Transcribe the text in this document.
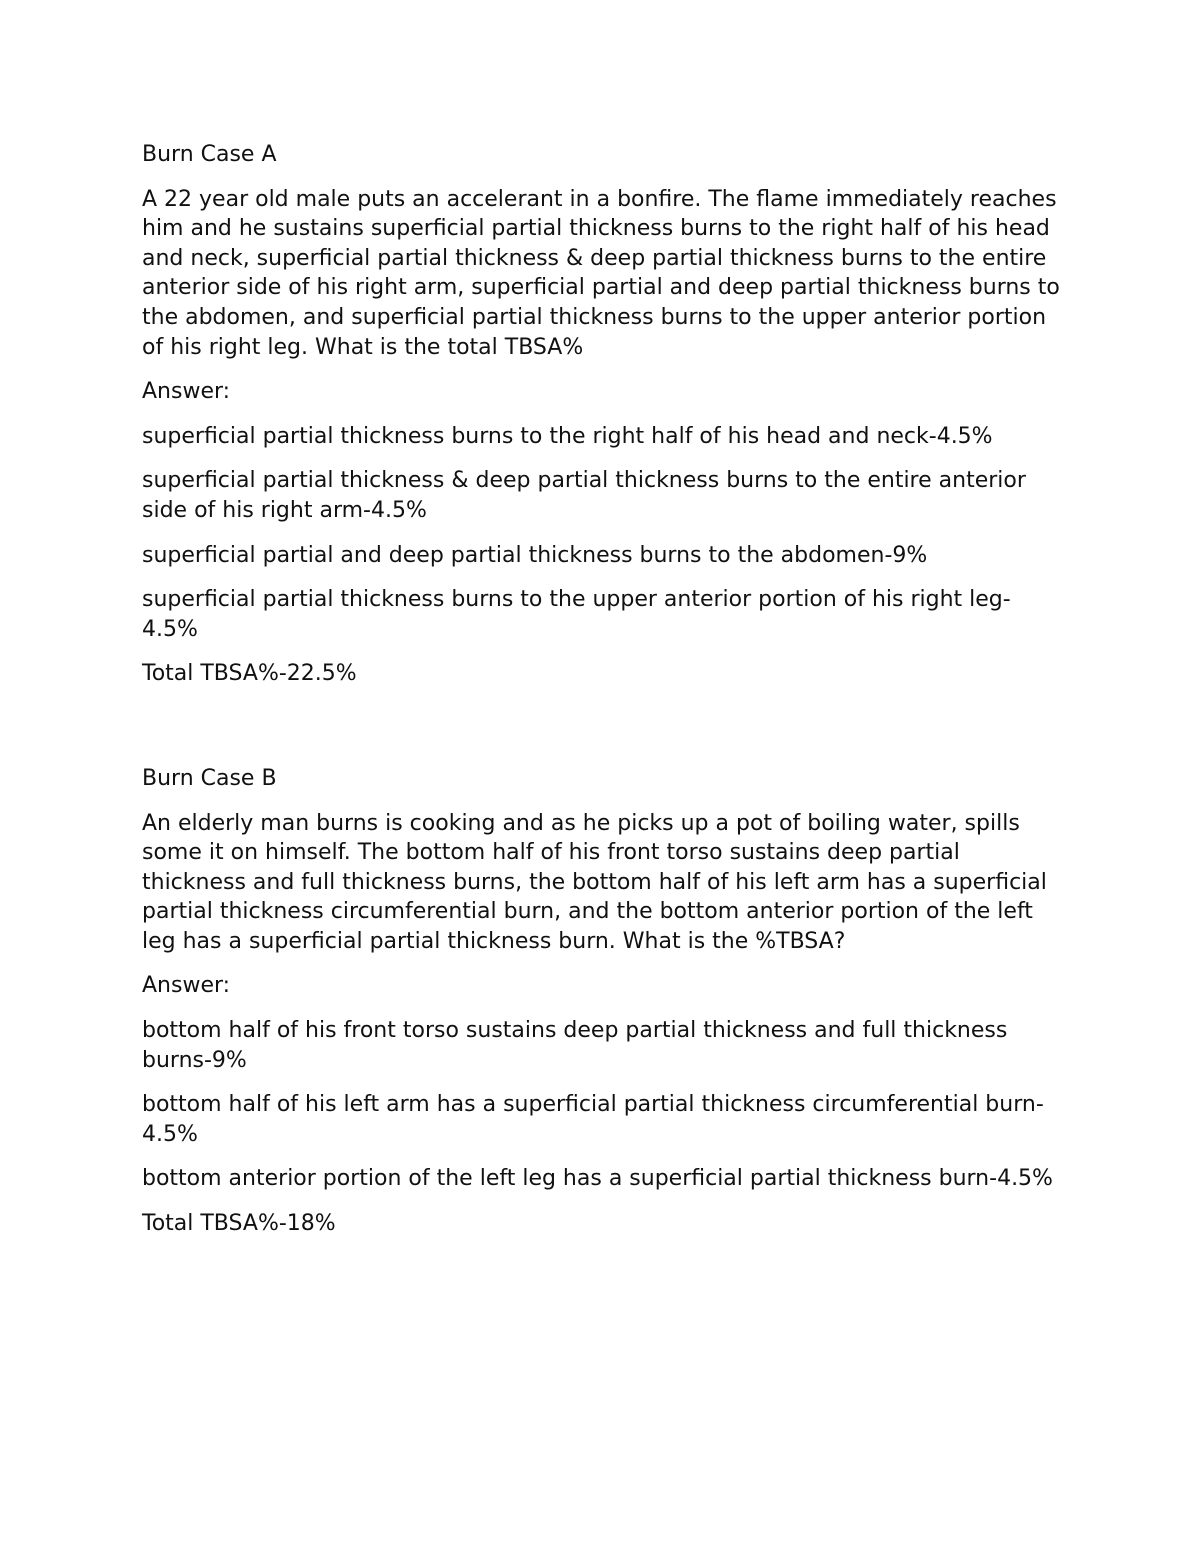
Burn Case A

A 22 year old male puts an accelerant in a bonfire. The flame immediately reaches him and he sustains superficial partial thickness burns to the right half of his head and neck, superficial partial thickness & deep partial thickness burns to the entire anterior side of his right arm, superficial partial and deep partial thickness burns to the abdomen, and superficial partial thickness burns to the upper anterior portion of his right leg. What is the total TBSA%

Answer:

superficial partial thickness burns to the right half of his head and neck-4.5%

superficial partial thickness & deep partial thickness burns to the entire anterior side of his right arm-4.5%

superficial partial and deep partial thickness burns to the abdomen-9%

superficial partial thickness burns to the upper anterior portion of his right leg-4.5%

Total TBSA%-22.5%

Burn Case B

An elderly man burns is cooking and as he picks up a pot of boiling water, spills some it on himself. The bottom half of his front torso sustains deep partial thickness and full thickness burns, the bottom half of his left arm has a superficial partial thickness circumferential burn, and the bottom anterior portion of the left leg has a superficial partial thickness burn. What is the %TBSA?

Answer:

bottom half of his front torso sustains deep partial thickness and full thickness burns-9%

bottom half of his left arm has a superficial partial thickness circumferential burn-4.5%

bottom anterior portion of the left leg has a superficial partial thickness burn-4.5%

Total TBSA%-18%
